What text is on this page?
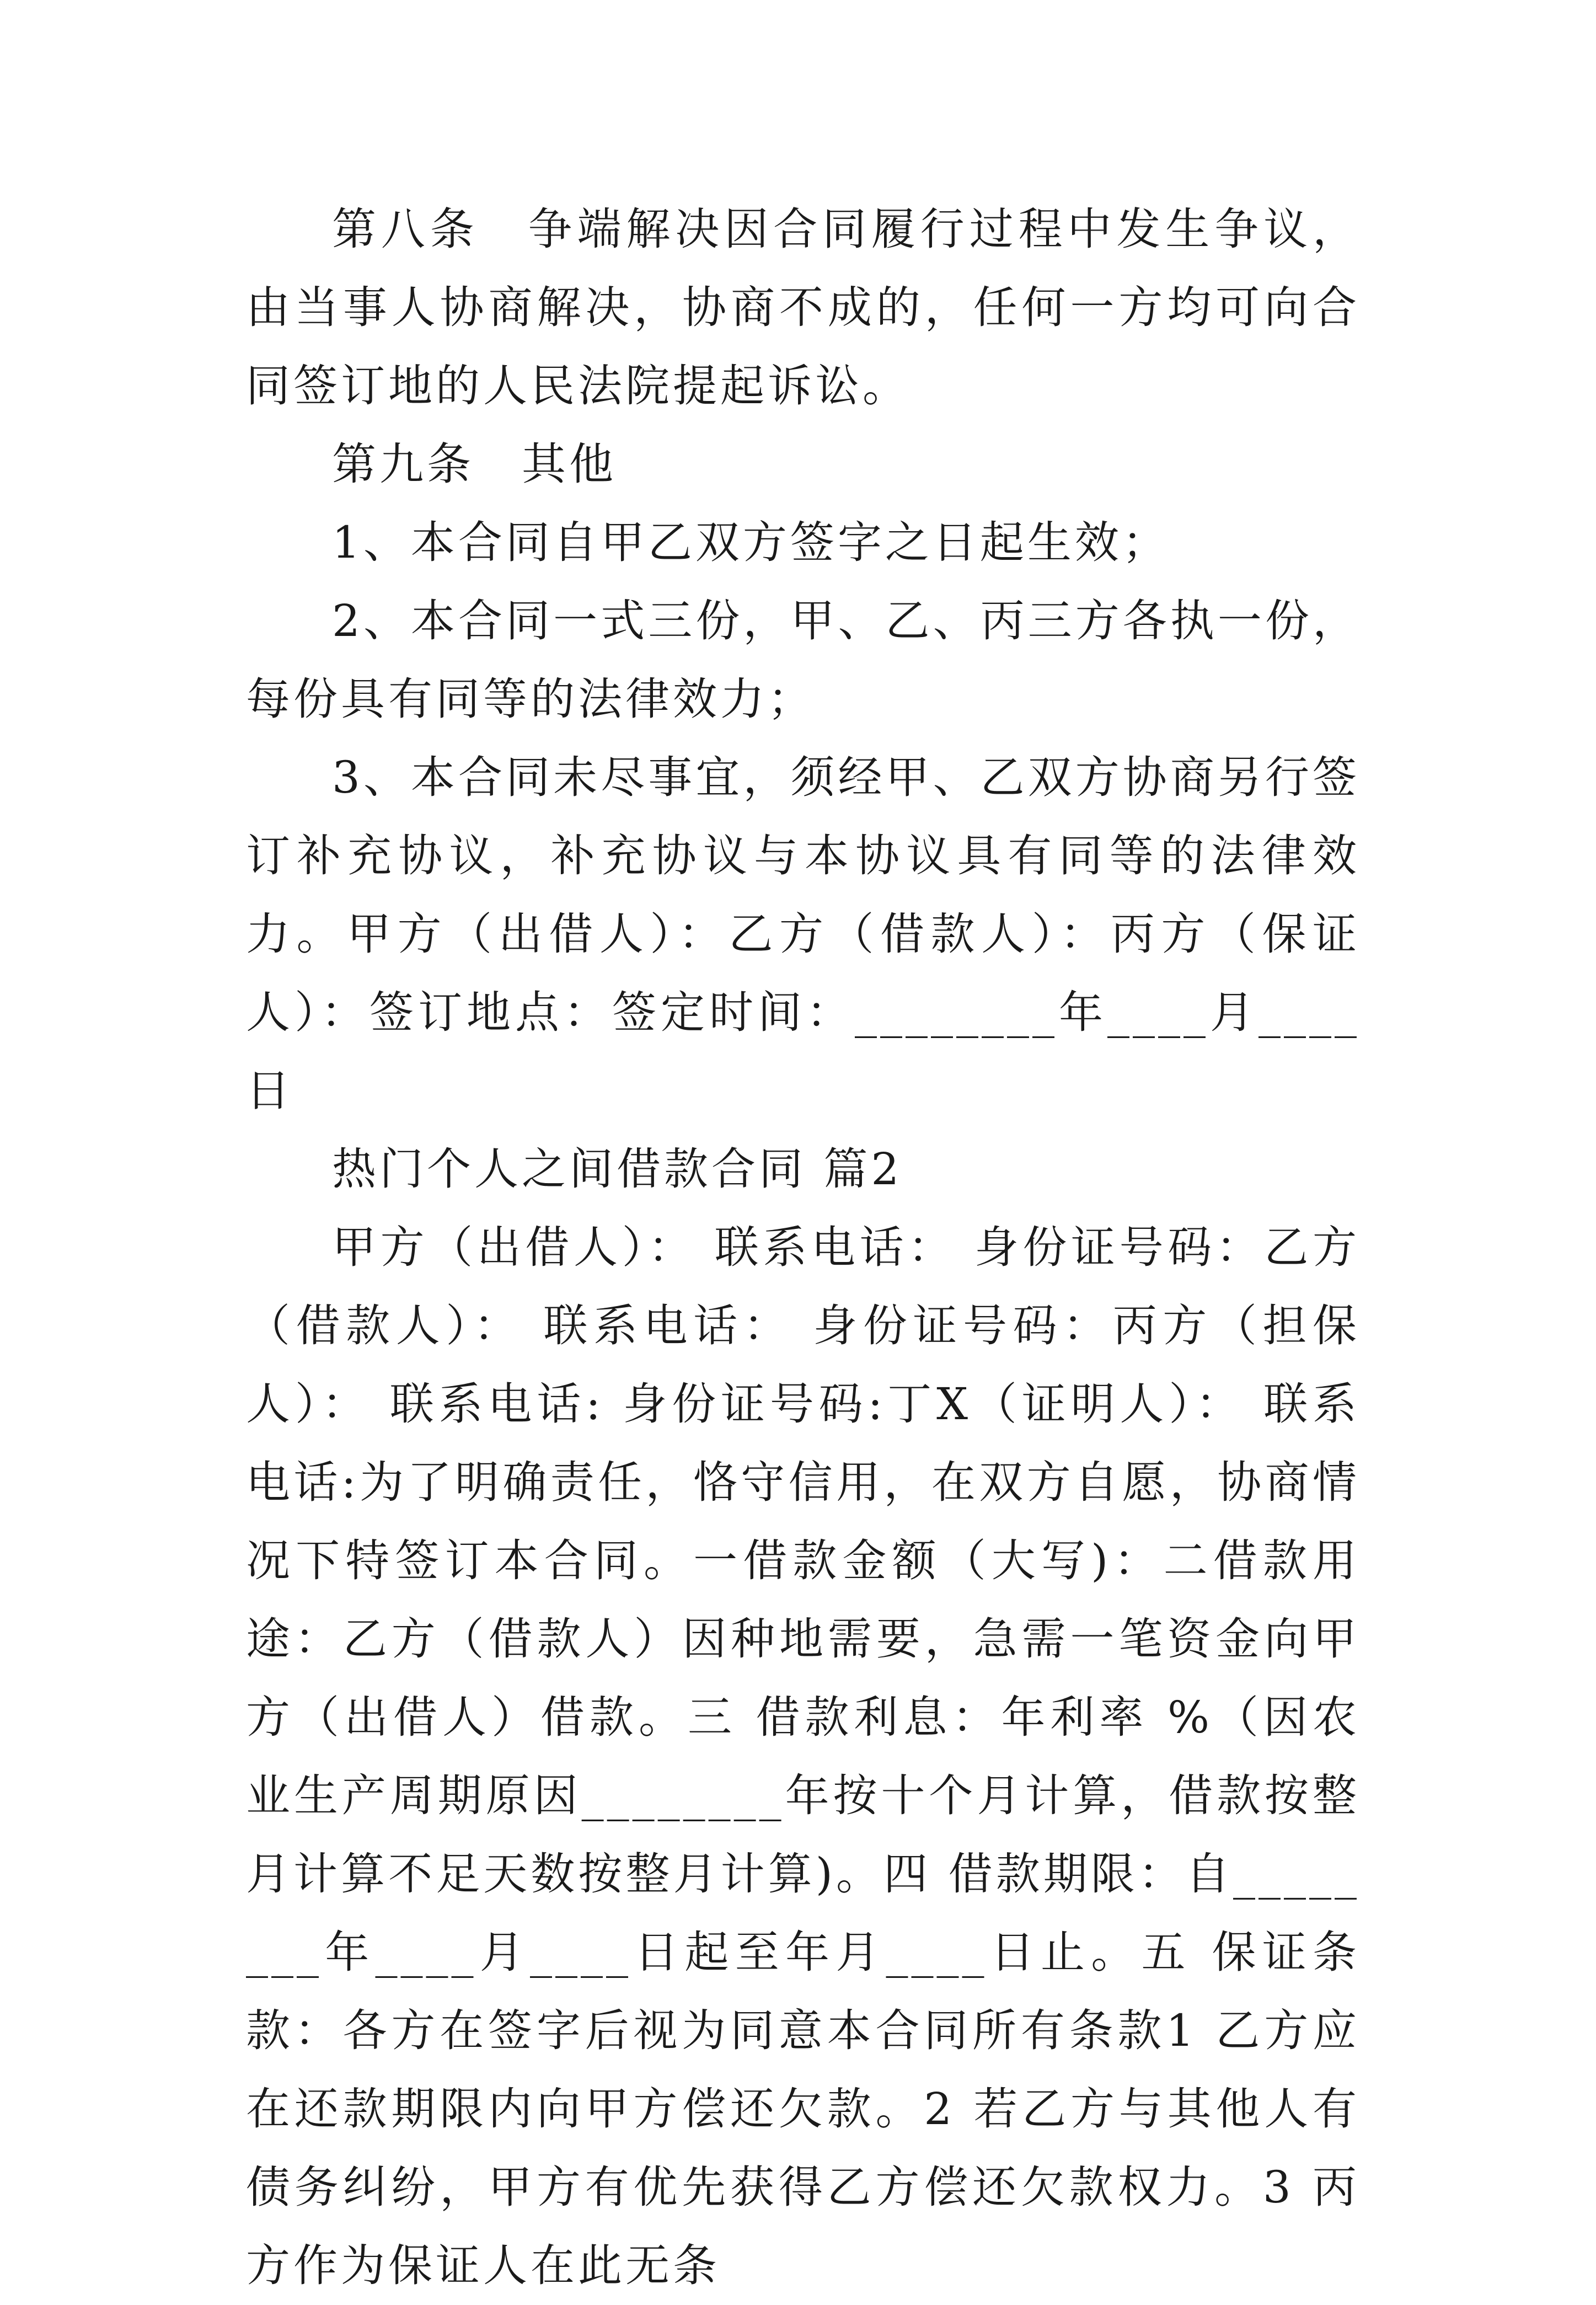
第八条　争端解决因合同履行过程中发生争议，由当事人协商解决，协商不成的，任何一方均可向合同签订地的人民法院提起诉讼。

第九条　其他

1、本合同自甲乙双方签字之日起生效；

2、本合同一式三份，甲、乙、丙三方各执一份，每份具有同等的法律效力；

3、本合同未尽事宜，须经甲、乙双方协商另行签订补充协议，补充协议与本协议具有同等的法律效力。甲方（出借人）：乙方（借款人）：丙方（保证人）：签订地点：签定时间：________年____月____日

热门个人之间借款合同 篇2

甲方（出借人）： 联系电话： 身份证号码：乙方（借款人）： 联系电话： 身份证号码：丙方（担保人）： 联系电话: 身份证号码:丁X（证明人）： 联系电话:为了明确责任，恪守信用，在双方自愿，协商情况下特签订本合同。一借款金额（大写)：二借款用途：乙方（借款人）因种地需要，急需一笔资金向甲方（出借人）借款。三 借款利息：年利率 %（因农业生产周期原因________年按十个月计算，借款按整月计算不足天数按整月计算)。四 借款期限：自________年____月____日起至年月____日止。五 保证条款：各方在签字后视为同意本合同所有条款1 乙方应在还款期限内向甲方偿还欠款。2 若乙方与其他人有债务纠纷，甲方有优先获得乙方偿还欠款权力。3 丙方作为保证人在此无条
